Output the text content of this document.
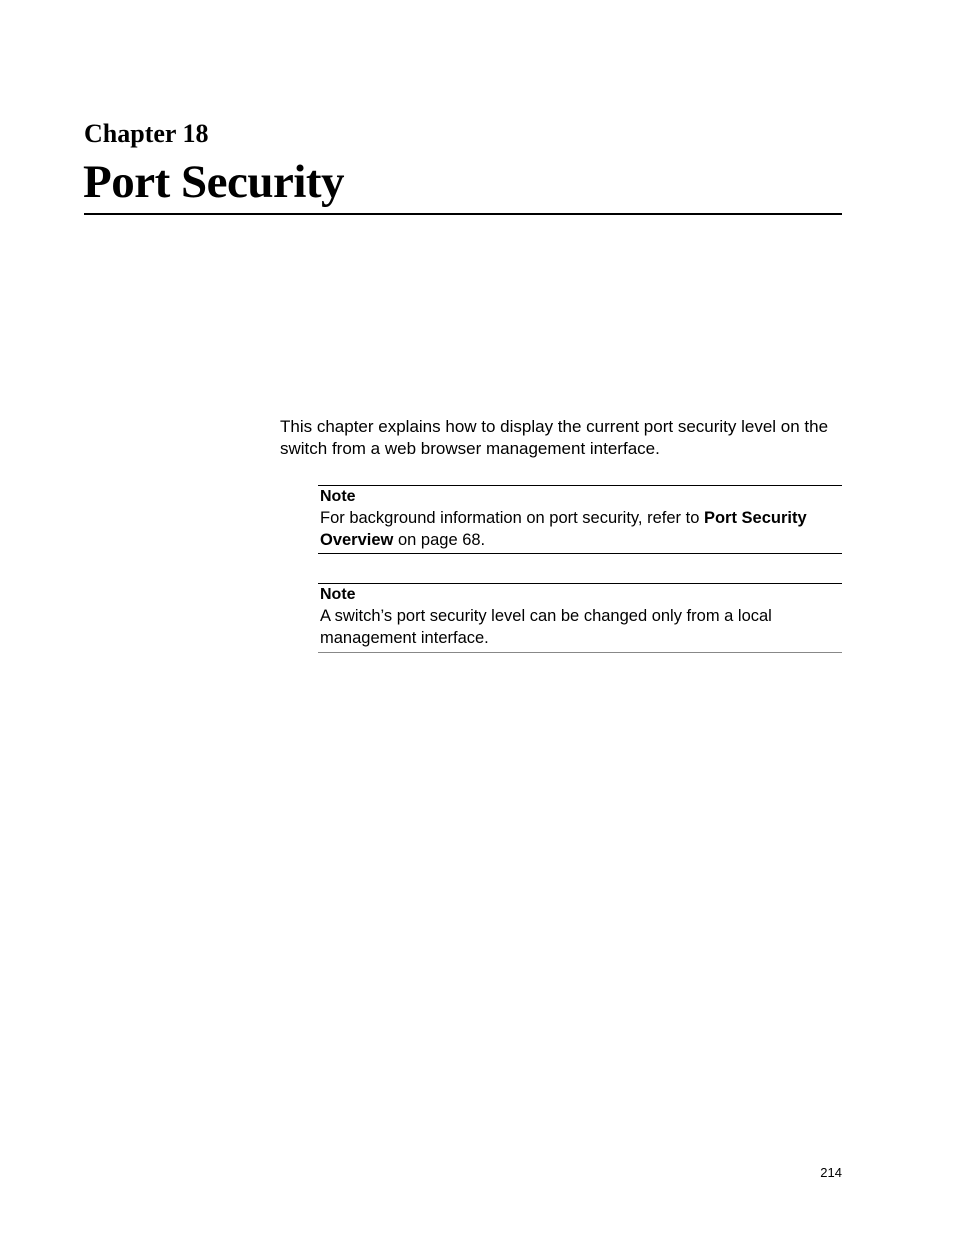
Chapter 18
Port Security

This chapter explains how to display the current port security level on the switch from a web browser management interface.

Note

For background information on port security, refer to Port Security Overview on page 68.

Note

A switch’s port security level can be changed only from a local management interface.

214
